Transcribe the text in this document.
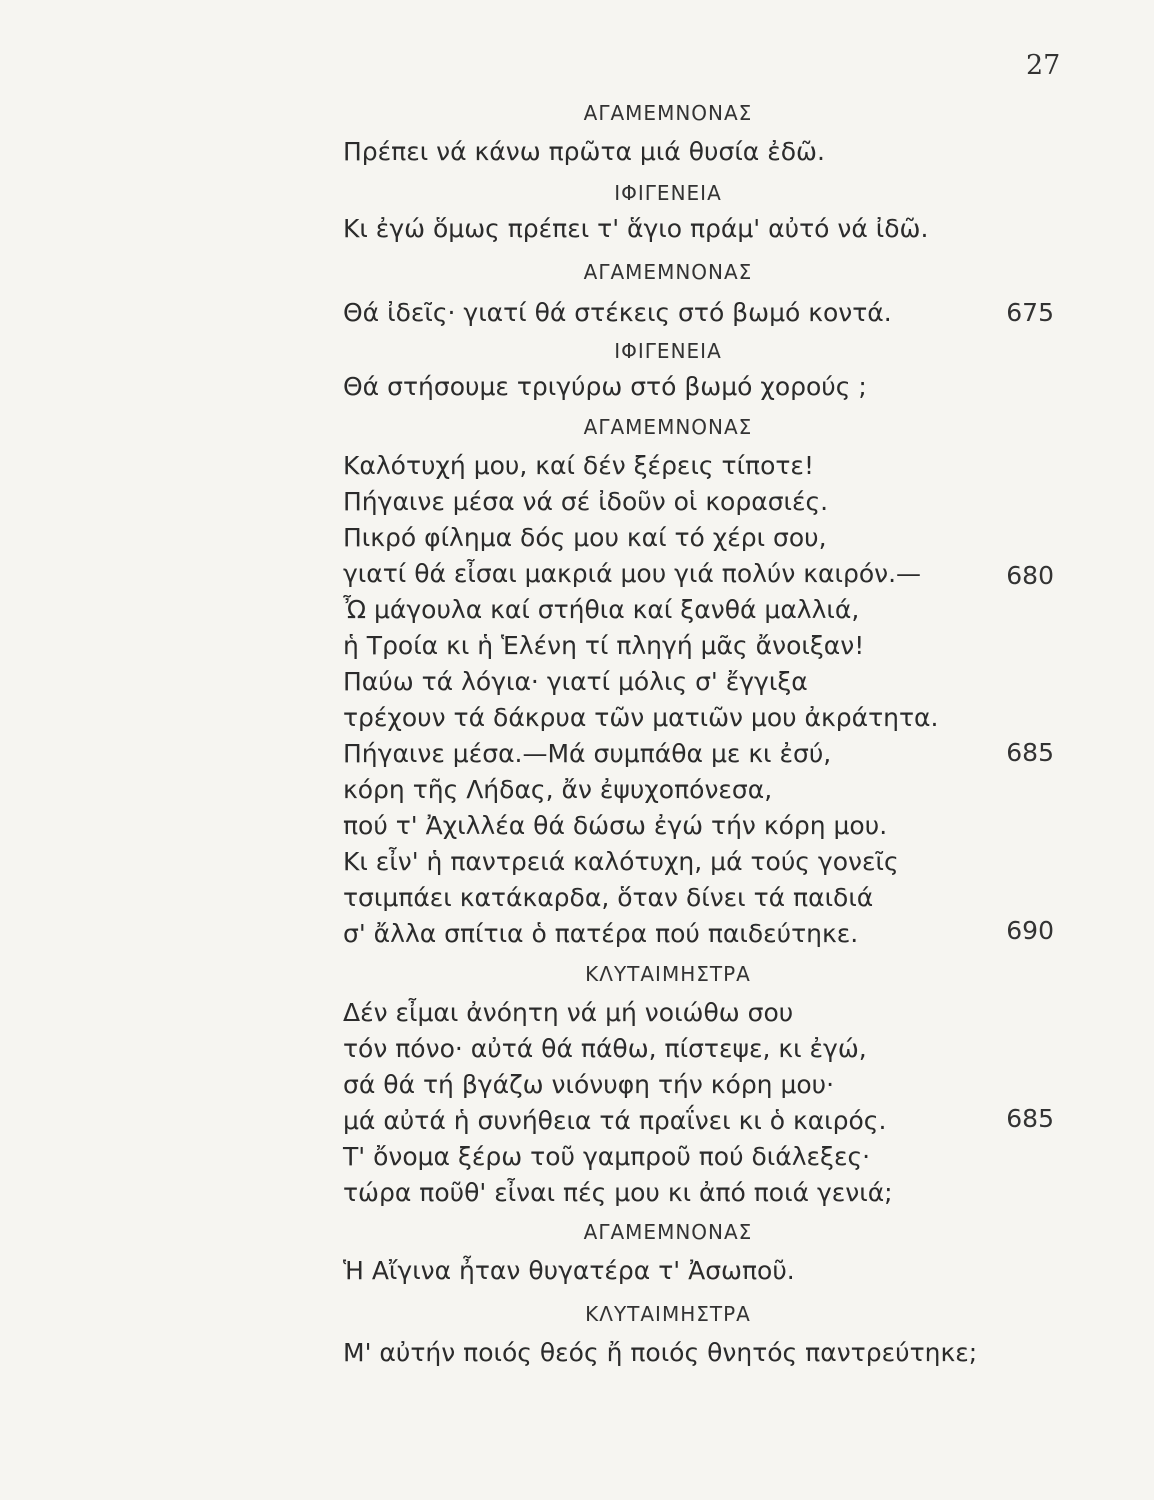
27
ΑΓΑΜΕΜΝΟΝΑΣ
Πρέπει νά κάνω πρῶτα μιά θυσία ἐδῶ.
ΙΦΙΓΕΝΕΙΑ
Κι ἐγώ ὅμως πρέπει τ' ἅγιο πράμ' αὐτό νά ἰδῶ.
ΑΓΑΜΕΜΝΟΝΑΣ
Θά ἰδεῖς· γιατί θά στέκεις στό βωμό κοντά.	675
ΙΦΙΓΕΝΕΙΑ
Θά στήσουμε τριγύρω στό βωμό χορούς ;
ΑΓΑΜΕΜΝΟΝΑΣ
Καλότυχή μου, καί δέν ξέρεις τίποτε!
Πήγαινε μέσα νά σέ ἰδοῦν οἱ κορασιές.
Πικρό φίλημα δός μου καί τό χέρι σου,
γιατί θά εἶσαι μακριά μου γιά πολύν καιρόν.—	680
Ὦ μάγουλα καί στήθια καί ξανθά μαλλιά,
ἡ Τροία κι ἡ Ἑλένη τί πληγή μᾶς ἄνοιξαν!
Παύω τά λόγια· γιατί μόλις σ' ἔγγιξα
τρέχουν τά δάκρυα τῶν ματιῶν μου ἀκράτητα.
Πήγαινε μέσα.—Μά συμπάθα με κι ἐσύ,	685
κόρη τῆς Λήδας, ἄν ἐψυχοπόνεσα,
πού τ' Ἀχιλλέα θά δώσω ἐγώ τήν κόρη μου.
Κι εἶν' ἡ παντρειά καλότυχη, μά τούς γονεῖς
τσιμπάει κατάκαρδα, ὅταν δίνει τά παιδιά
σ' ἄλλα σπίτια ὁ πατέρα πού παιδεύτηκε.	690
ΚΛΥΤΑΙΜΗΣΤΡΑ
Δέν εἶμαι ἀνόητη νά μή νοιώθω σου
τόν πόνο· αὐτά θά πάθω, πίστεψε, κι ἐγώ,
σά θά τή βγάζω νιόνυφη τήν κόρη μου·
μά αὐτά ἡ συνήθεια τά πραΐνει κι ὁ καιρός.	685
Τ' ὄνομα ξέρω τοῦ γαμπροῦ πού διάλεξες·
τώρα ποῦθ' εἶναι πές μου κι ἀπό ποιά γενιά;
ΑΓΑΜΕΜΝΟΝΑΣ
Ἡ Αἴγινα ἦταν θυγατέρα τ' Ἀσωποῦ.
ΚΛΥΤΑΙΜΗΣΤΡΑ
Μ' αὐτήν ποιός θεός ἤ ποιός θνητός παντρεύτηκε;
